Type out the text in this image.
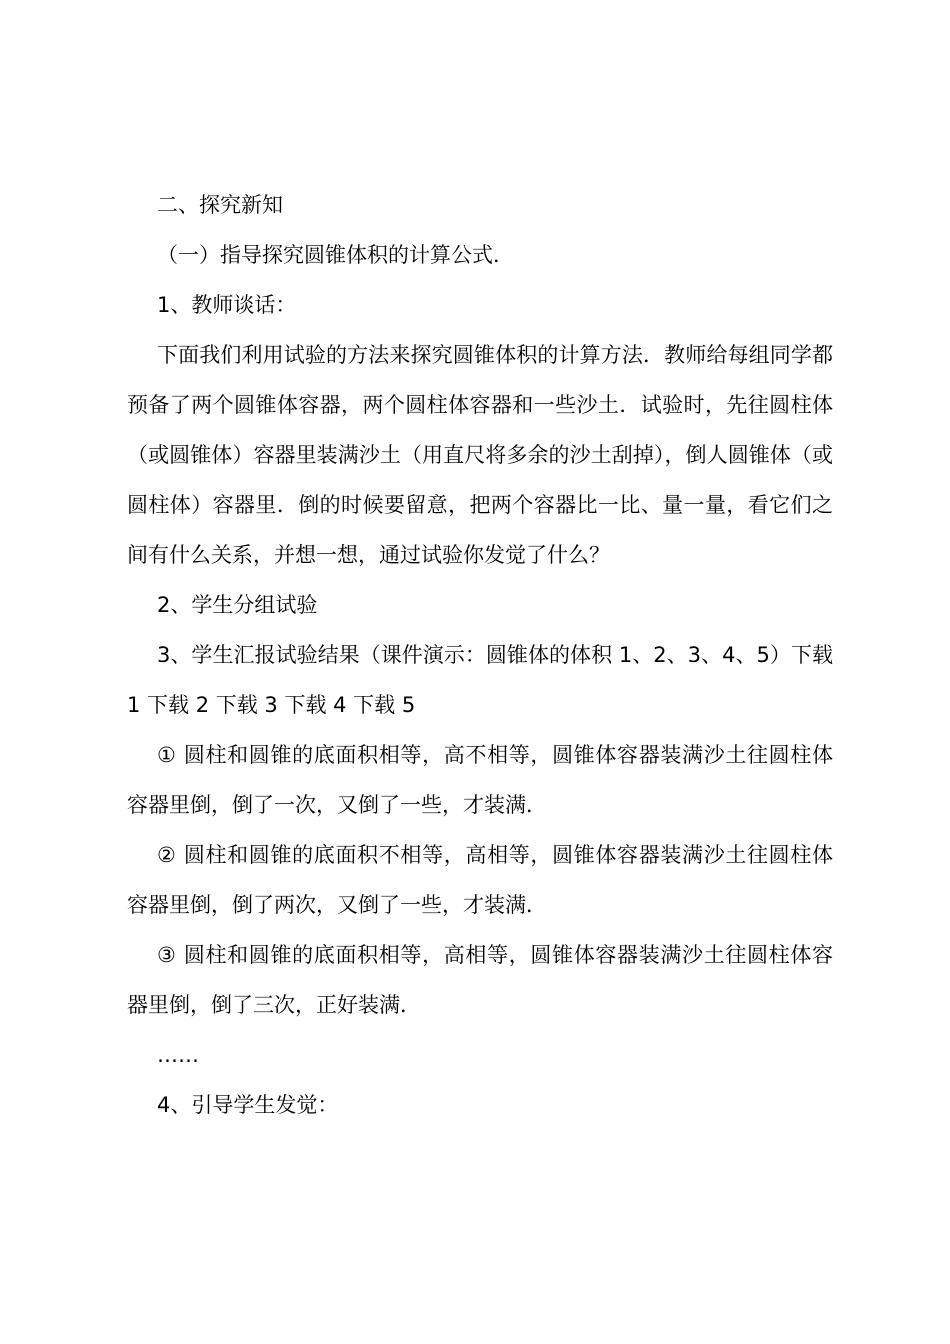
二、探究新知

（一）指导探究圆锥体积的计算公式．

1、教师谈话：

下面我们利用试验的方法来探究圆锥体积的计算方法．教师给每组同学都预备了两个圆锥体容器，两个圆柱体容器和一些沙土．试验时，先往圆柱体（或圆锥体）容器里装满沙土（用直尺将多余的沙土刮掉），倒人圆锥体（或圆柱体）容器里．倒的时候要留意，把两个容器比一比、量一量，看它们之间有什么关系，并想一想，通过试验你发觉了什么？

2、学生分组试验

3、学生汇报试验结果（课件演示：圆锥体的体积 1、2、3、4、5）下载 1 下载 2 下载 3 下载 4 下载 5

① 圆柱和圆锥的底面积相等，高不相等，圆锥体容器装满沙土往圆柱体容器里倒，倒了一次，又倒了一些，才装满．

② 圆柱和圆锥的底面积不相等，高相等，圆锥体容器装满沙土往圆柱体容器里倒，倒了两次，又倒了一些，才装满．

③ 圆柱和圆锥的底面积相等，高相等，圆锥体容器装满沙土往圆柱体容器里倒，倒了三次，正好装满．

……

4、引导学生发觉：
